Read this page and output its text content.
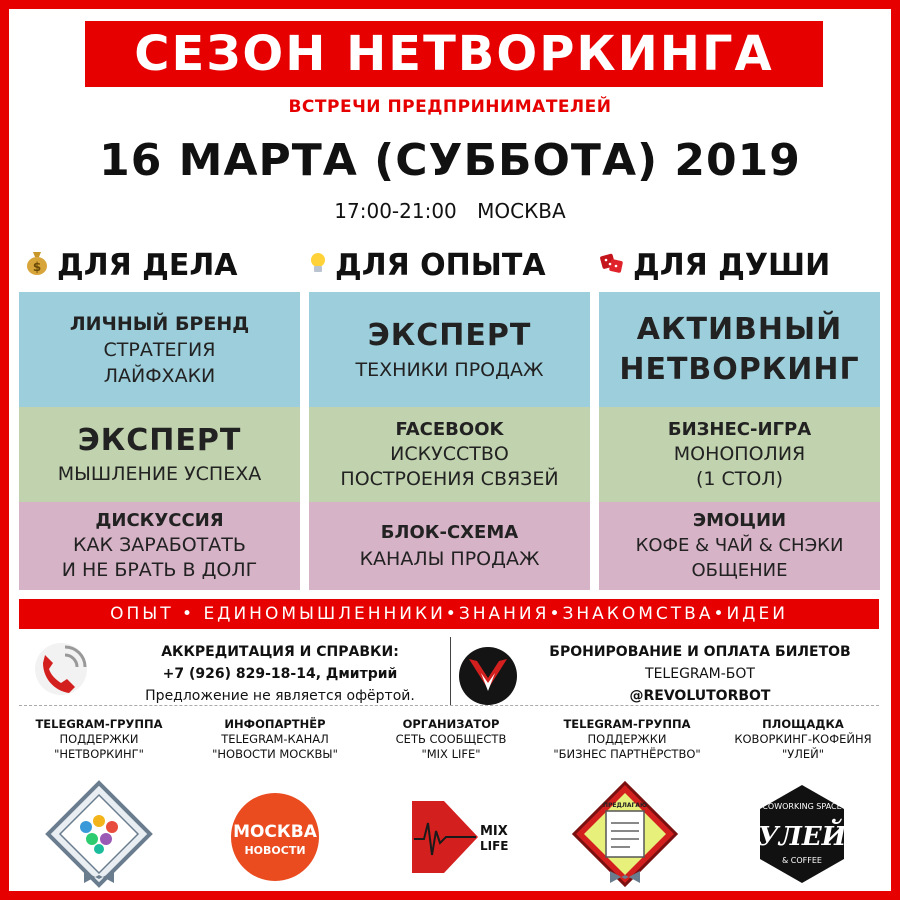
СЕЗОН НЕТВОРКИНГА
ВСТРЕЧИ ПРЕДПРИНИМАТЕЛЕЙ
16 МАРТА (СУББОТА) 2019
17:00-21:00 МОСКВА
$ ДЛЯ ДЕЛА	ДЛЯ ОПЫТА	ДЛЯ ДУШИ
ЛИЧНЫЙ БРЕНД
СТРАТЕГИЯ
ЛАЙФХАКИ
ЭКСПЕРТ
МЫШЛЕНИЕ УСПЕХА
ДИСКУССИЯ
КАК ЗАРАБОТАТЬ
И НЕ БРАТЬ В ДОЛГ
ЭКСПЕРТ
ТЕХНИКИ ПРОДАЖ
FACEBOOK
ИСКУССТВО
ПОСТРОЕНИЯ СВЯЗЕЙ
БЛОК-СХЕМА
КАНАЛЫ ПРОДАЖ
АКТИВНЫЙ
НЕТВОРКИНГ
БИЗНЕС-ИГРА
МОНОПОЛИЯ
(1 СТОЛ)
ЭМОЦИИ
КОФЕ & ЧАЙ & СНЭКИ
ОБЩЕНИЕ
ОПЫТ • ЕДИНОМЫШЛЕННИКИ•ЗНАНИЯ•ЗНАКОМСТВА•ИДЕИ
АККРЕДИТАЦИЯ И СПРАВКИ:
+7 (926) 829-18-14, Дмитрий
Предложение не является офёртой.
БРОНИРОВАНИЕ И ОПЛАТА БИЛЕТОВ
TELEGRAM-БОТ
@REVOLUTORBOT
TELEGRAM-ГРУППА
ПОДДЕРЖКИ
"НЕТВОРКИНГ"
ИНФОПАРТНЁР
TELEGRAM-КАНАЛ
"НОВОСТИ МОСКВЫ"
ОРГАНИЗАТОР
СЕТЬ СООБЩЕСТВ
"MIX LIFE"
TELEGRAM-ГРУППА
ПОДДЕРЖКИ
"БИЗНЕС ПАРТНЁРСТВО"
ПЛОЩАДКА
КОВОРКИНГ-КОФЕЙНЯ
"УЛЕЙ"
МОСКВА
НОВОСТИ
MIX
LIFE
ПРЕДЛАГАЮ	COWORKING SPACE
УЛЕЙ
& COFFEE
